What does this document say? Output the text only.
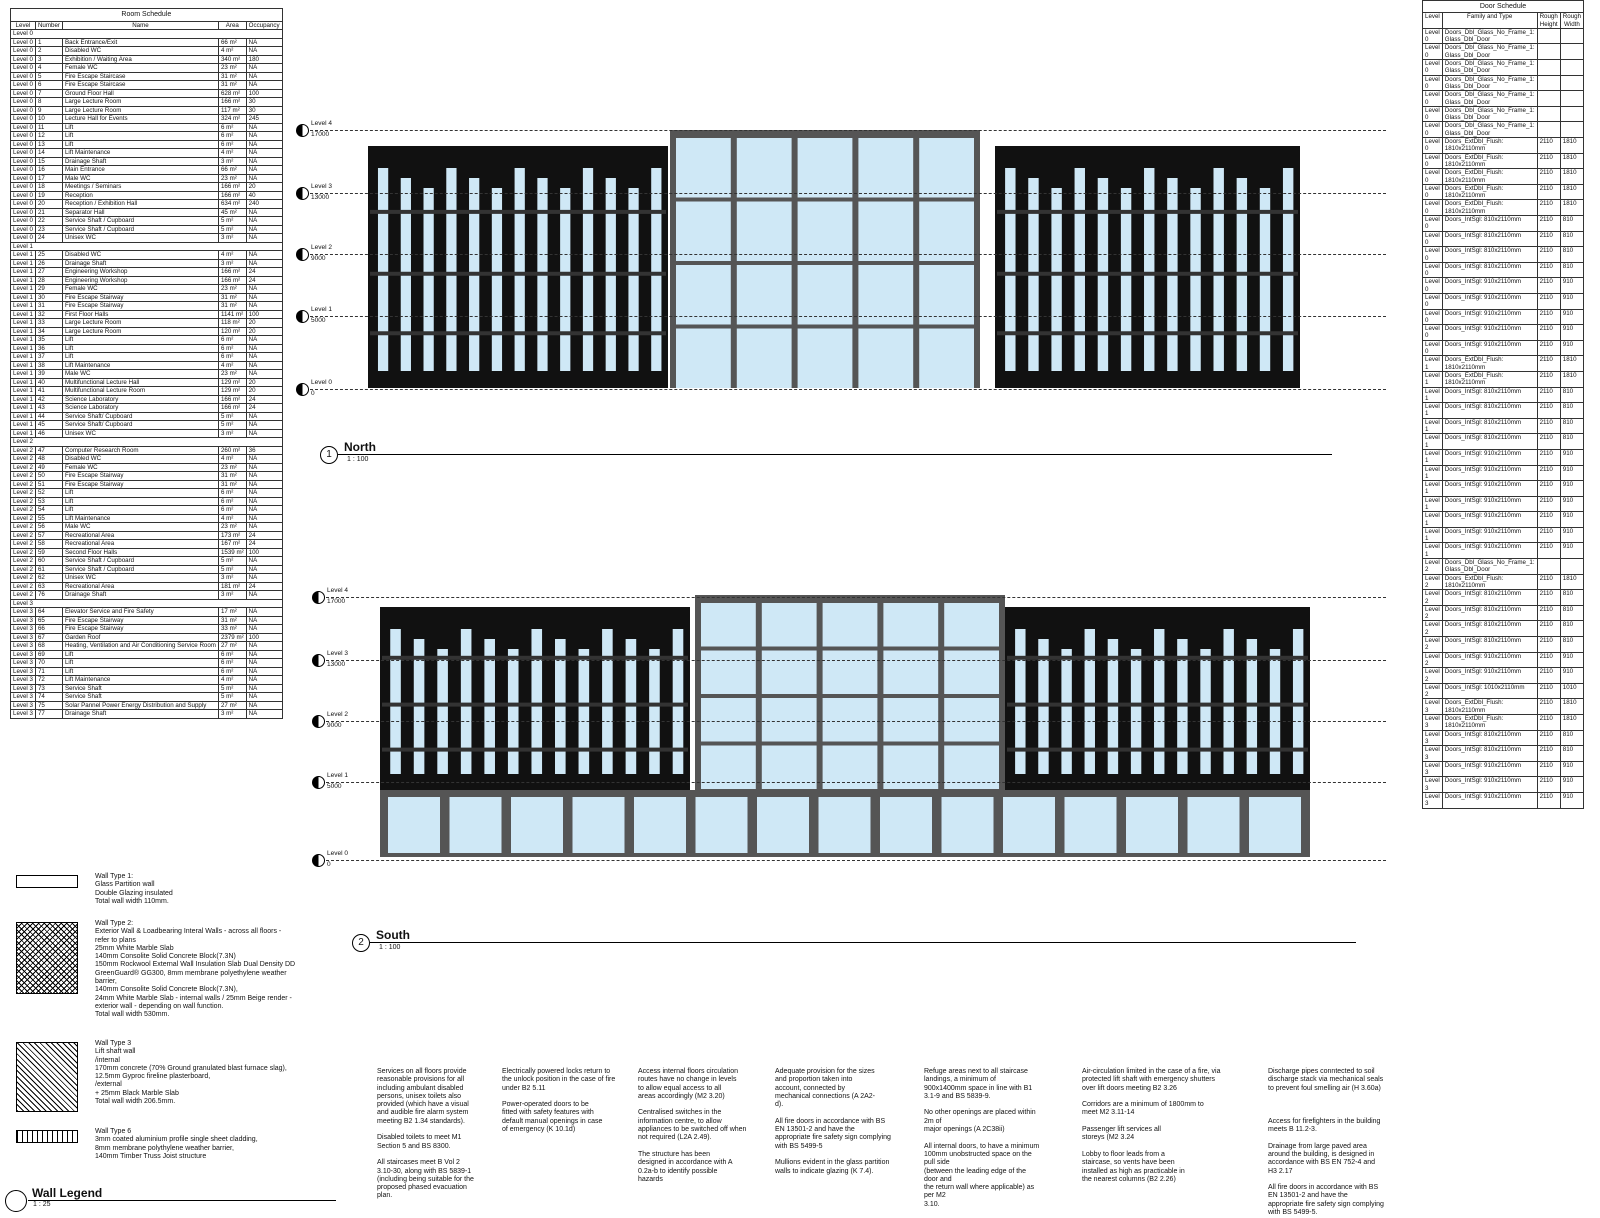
Room Schedule
Level	Number	Name	Area	Occupancy
Level 0				
Level 0	1	Back Entrance/Exit	66 m²	NA
Level 0	2	Disabled WC	4 m²	NA
Level 0	3	Exhibition / Waiting Area	340 m²	180
Level 0	4	Female WC	23 m²	NA
Level 0	5	Fire Escape Staircase	31 m²	NA
Level 0	6	Fire Escape Staircase	31 m²	NA
Level 0	7	Ground Floor Hall	628 m²	100
Level 0	8	Large Lecture Room	166 m²	30
Level 0	9	Large Lecture Room	117 m²	30
Level 0	10	Lecture Hall for Events	324 m²	245
Level 0	11	Lift	6 m²	NA
Level 0	12	Lift	6 m²	NA
Level 0	13	Lift	6 m²	NA
Level 0	14	Lift Maintenance	4 m²	NA
Level 0	15	Drainage Shaft	3 m²	NA
Level 0	16	Main Entrance	66 m²	NA
Level 0	17	Male WC	23 m²	NA
Level 0	18	Meetings / Seminars	166 m²	20
Level 0	19	Reception	166 m²	40
Level 0	20	Reception / Exhibition Hall	634 m²	240
Level 0	21	Separator Hall	45 m²	NA
Level 0	22	Service Shaft / Cupboard	5 m²	NA
Level 0	23	Service Shaft / Cupboard	5 m²	NA
Level 0	24	Unisex WC	3 m²	NA
Level 1				
Level 1	25	Disabled WC	4 m²	NA
Level 1	26	Drainage Shaft	3 m²	NA
Level 1	27	Engineering Workshop	166 m²	24
Level 1	28	Engineering Workshop	166 m²	24
Level 1	29	Female WC	23 m²	NA
Level 1	30	Fire Escape Stairway	31 m²	NA
Level 1	31	Fire Escape Stairway	31 m²	NA
Level 1	32	First Floor Halls	1141 m²	100
Level 1	33	Large Lecture Room	118 m²	20
Level 1	34	Large Lecture Room	120 m²	20
Level 1	35	Lift	6 m²	NA
Level 1	36	Lift	6 m²	NA
Level 1	37	Lift	6 m²	NA
Level 1	38	Lift Maintenance	4 m²	NA
Level 1	39	Male WC	23 m²	NA
Level 1	40	Multifunctional Lecture Hall	129 m²	20
Level 1	41	Multifunctional Lecture Room	129 m²	20
Level 1	42	Science Laboratory	166 m²	24
Level 1	43	Science Laboratory	166 m²	24
Level 1	44	Service Shaft/ Cupboard	5 m²	NA
Level 1	45	Service Shaft/ Cupboard	5 m²	NA
Level 1	46	Unisex WC	3 m²	NA
Level 2				
Level 2	47	Computer Research Room	260 m²	36
Level 2	48	Disabled WC	4 m²	NA
Level 2	49	Female WC	23 m²	NA
Level 2	50	Fire Escape Stairway	31 m²	NA
Level 2	51	Fire Escape Stairway	31 m²	NA
Level 2	52	Lift	6 m²	NA
Level 2	53	Lift	6 m²	NA
Level 2	54	Lift	6 m²	NA
Level 2	55	Lift Maintenance	4 m²	NA
Level 2	56	Male WC	23 m²	NA
Level 2	57	Recreational Area	173 m²	24
Level 2	58	Recreational Area	167 m²	24
Level 2	59	Second Floor Halls	1539 m²	100
Level 2	60	Service Shaft / Cupboard	5 m²	NA
Level 2	61	Service Shaft / Cupboard	5 m²	NA
Level 2	62	Unisex WC	3 m²	NA
Level 2	63	Recreational Area	181 m²	24
Level 2	76	Drainage Shaft	3 m²	NA
Level 3				
Level 3	64	Elevator Service and Fire Safety	17 m²	NA
Level 3	65	Fire Escape Stairway	31 m²	NA
Level 3	66	Fire Escape Stairway	33 m²	NA
Level 3	67	Garden Roof	2379 m²	100
Level 3	68	Heating, Ventilation and Air Conditioning Service Room	27 m²	NA
Level 3	69	Lift	6 m²	NA
Level 3	70	Lift	6 m²	NA
Level 3	71	Lift	6 m²	NA
Level 3	72	Lift Maintenance	4 m²	NA
Level 3	73	Service Shaft	5 m²	NA
Level 3	74	Service Shaft	5 m²	NA
Level 3	75	Solar Pannel Power Energy Distribution and Supply	27 m²	NA
Level 3	77	Drainage Shaft	3 m²	NA
Door Schedule
Level	Family and Type	Rough Height	Rough Width
Level 0	Doors_Dbl_Glass_No_Frame_1: Glass_Dbl_Door		
Level 0	Doors_Dbl_Glass_No_Frame_1: Glass_Dbl_Door		
Level 0	Doors_Dbl_Glass_No_Frame_1: Glass_Dbl_Door		
Level 0	Doors_Dbl_Glass_No_Frame_1: Glass_Dbl_Door		
Level 0	Doors_Dbl_Glass_No_Frame_1: Glass_Dbl_Door		
Level 0	Doors_Dbl_Glass_No_Frame_1: Glass_Dbl_Door		
Level 0	Doors_Dbl_Glass_No_Frame_1: Glass_Dbl_Door		
Level 0	Doors_ExtDbl_Flush: 1810x2110mm	2110	1810
Level 0	Doors_ExtDbl_Flush: 1810x2110mm	2110	1810
Level 0	Doors_ExtDbl_Flush: 1810x2110mm	2110	1810
Level 0	Doors_ExtDbl_Flush: 1810x2110mm	2110	1810
Level 0	Doors_ExtDbl_Flush: 1810x2110mm	2110	1810
Level 0	Doors_IntSgl: 810x2110mm	2110	810
Level 0	Doors_IntSgl: 810x2110mm	2110	810
Level 0	Doors_IntSgl: 810x2110mm	2110	810
Level 0	Doors_IntSgl: 810x2110mm	2110	810
Level 0	Doors_IntSgl: 910x2110mm	2110	910
Level 0	Doors_IntSgl: 910x2110mm	2110	910
Level 0	Doors_IntSgl: 910x2110mm	2110	910
Level 0	Doors_IntSgl: 910x2110mm	2110	910
Level 0	Doors_IntSgl: 910x2110mm	2110	910
Level 1	Doors_ExtDbl_Flush: 1810x2110mm	2110	1810
Level 1	Doors_ExtDbl_Flush: 1810x2110mm	2110	1810
Level 1	Doors_IntSgl: 810x2110mm	2110	810
Level 1	Doors_IntSgl: 810x2110mm	2110	810
Level 1	Doors_IntSgl: 810x2110mm	2110	810
Level 1	Doors_IntSgl: 810x2110mm	2110	810
Level 1	Doors_IntSgl: 910x2110mm	2110	910
Level 1	Doors_IntSgl: 910x2110mm	2110	910
Level 1	Doors_IntSgl: 910x2110mm	2110	910
Level 1	Doors_IntSgl: 910x2110mm	2110	910
Level 1	Doors_IntSgl: 910x2110mm	2110	910
Level 1	Doors_IntSgl: 910x2110mm	2110	910
Level 1	Doors_IntSgl: 910x2110mm	2110	910
Level 2	Doors_Dbl_Glass_No_Frame_1: Glass_Dbl_Door		
Level 2	Doors_ExtDbl_Flush: 1810x2110mm	2110	1810
Level 2	Doors_IntSgl: 810x2110mm	2110	810
Level 2	Doors_IntSgl: 810x2110mm	2110	810
Level 2	Doors_IntSgl: 810x2110mm	2110	810
Level 2	Doors_IntSgl: 810x2110mm	2110	810
Level 2	Doors_IntSgl: 910x2110mm	2110	910
Level 2	Doors_IntSgl: 910x2110mm	2110	910
Level 2	Doors_IntSgl: 1010x2110mm	2110	1010
Level 3	Doors_ExtDbl_Flush: 1810x2110mm	2110	1810
Level 3	Doors_ExtDbl_Flush: 1810x2110mm	2110	1810
Level 3	Doors_IntSgl: 810x2110mm	2110	810
Level 3	Doors_IntSgl: 810x2110mm	2110	810
Level 3	Doors_IntSgl: 910x2110mm	2110	910
Level 3	Doors_IntSgl: 910x2110mm	2110	910
Level 3	Doors_IntSgl: 910x2110mm	2110	910
Level 4
17000
Level 3
13000
Level 2
9000
Level 1
5000
Level 0
0
Level 4
17000
Level 3
13000
Level 2
9000
Level 1
5000
Level 0
0
1
North
1 : 100
2
South
1 : 100
Wall Type 1:
Glass Partition wall
Double Glazing insulated
Total wall width 110mm.
Wall Type 2:
Exterior Wall & Loadbearing Interal Walls - across all floors -
refer to plans
25mm White Marble Slab
140mm Consolite Solid Concrete Block(7.3N)
150mm Rockwool External Wall Insulation Slab Dual Density DD
GreenGuard® GG300, 8mm membrane polyethylene weather
barrier,
140mm Consolite Solid Concrete Block(7.3N),
24mm White Marble Slab - internal walls / 25mm Beige render -
exterior wall - depending on wall function.
Total wall width 530mm.
Wall Type 3
Lift shaft wall
/internal
170mm concrete (70% Ground granulated blast furnace slag),
12.5mm Gyproc fireline plasterboard,
/external
+ 25mm Black Marble Slab
Total wall width 206.5mm.
Wall Type 6
3mm coated aluminium profile single sheet cladding,
8mm membrane polythylene weather barrier,
140mm Timber Truss Joist structure
Wall Legend
1 : 25
Services on all floors provide
reasonable provisions for all
including ambulant disabled
persons, unisex toilets also
provided (which have a visual
and audible fire alarm system
meeting B2 1.34 standards).

Disabled toilets to meet M1
Section 5 and BS 8300.

All staircases meet B Vol 2
3.10-30, along with BS 5839-1
(including being suitable for the
proposed phased evacuation
plan.
Electrically powered locks return to
the unlock position in the case of fire
under B2 5.11

Power-operated doors to be
fitted with safety features with
default manual openings in case
of emergency (K 10.1d)
Access internal floors circulation
routes have no change in levels
to allow equal access to all
areas accordingly (M2 3.20)

Centralised switches in the
information centre, to allow
appliances to be switched off when
not required (L2A 2.49).

The structure has been
designed in accordance with A
0.2a-b to identify possible
hazards
Adequate provision for the sizes
and proportion taken into
account, connected by
mechanical connections (A 2A2-
d).

All fire doors in accordance with BS
EN 13501-2 and have the
appropriate fire safety sign complying
with BS 5499-5

Mullions evident in the glass partition
walls to indicate glazing (K 7.4).
Refuge areas next to all staircase
landings, a minimum of
900x1400mm space in line with B1
3.1-9 and BS 5839-9.

No other openings are placed within
2m of
major openings (A 2C38ii)

All internal doors, to have a minimum
100mm unobstructed space on the
pull side
(between the leading edge of the
door and
the return wall where applicable) as
per M2
3.10.
Air-circulation limited in the case of a fire, via
protected lift shaft with emergency shutters
over lift doors meeting B2 3.26

Corridors are a minimum of 1800mm to
meet M2 3.11-14

Passenger lift services all
storeys (M2 3.24

Lobby to floor leads from a
staircase, so vents have been
installed as high as practicable in
the nearest columns (B2 2.26)
Discharge pipes conntected to soil
discharge stack via mechanical seals
to prevent foul smelling air (H 3.60a)

Access for firefighters in the building
meets B 11.2-3.

Drainage from large paved area
around the building, is designed in
accordance with BS EN 752-4 and
H3 2.17

All fire doors in accordance with BS
EN 13501-2 and have the
appropriate fire safety sign complying
with BS 5499-5.
